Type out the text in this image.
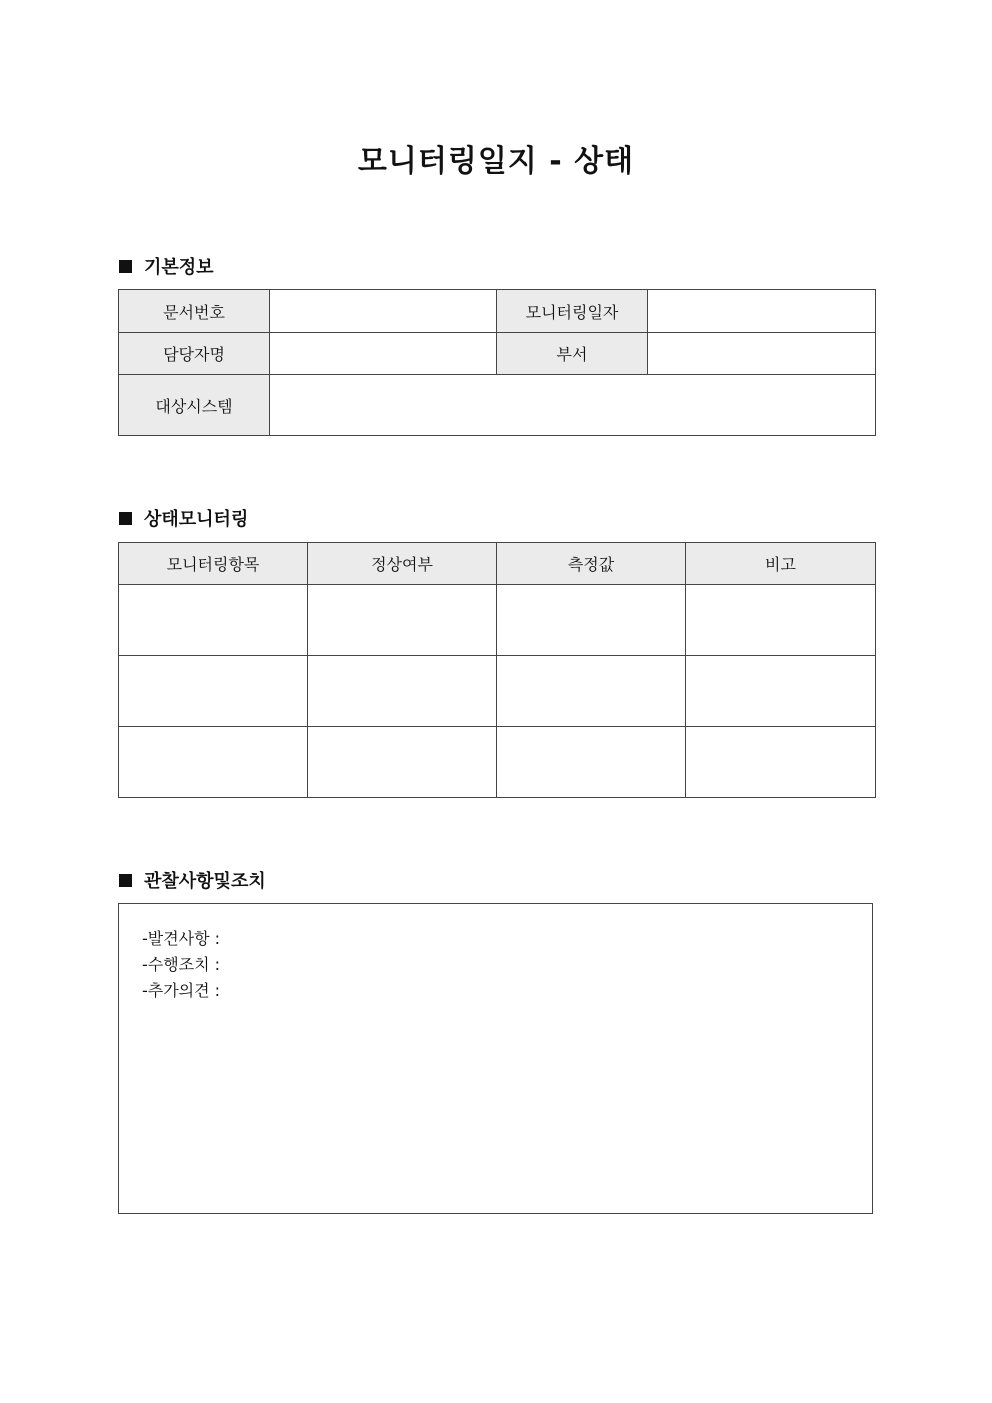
모니터링일지 - 상태
기본정보
문서번호		모니터링일자	
담당자명		부서	
대상시스템			
상태모니터링
모니터링항목	정상여부	측정값	비고

관찰사항및조치
-발견사항 :
-수행조치 :
-추가의견 :
